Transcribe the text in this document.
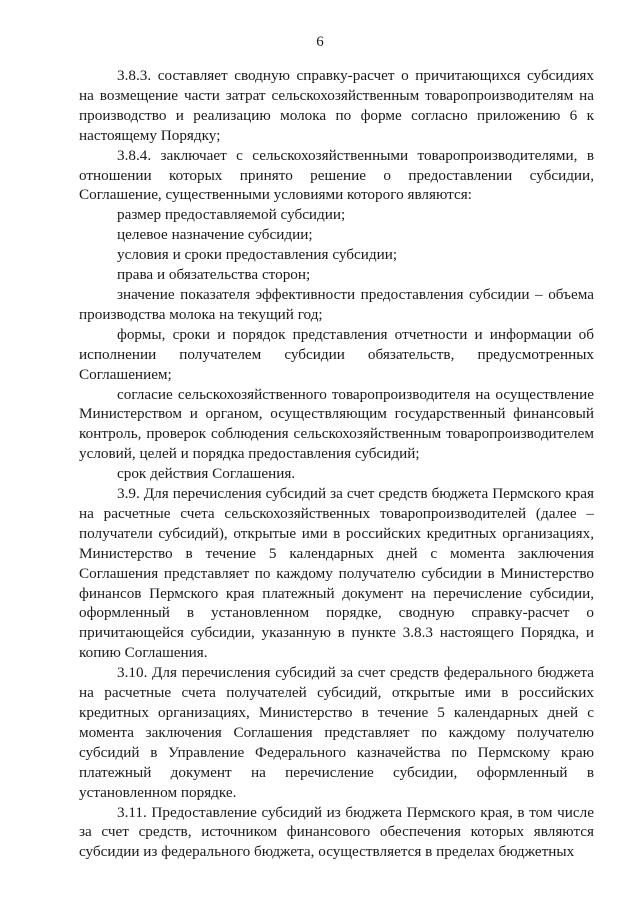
6

3.8.3. составляет сводную справку-расчет о причитающихся субсидиях на возмещение части затрат сельскохозяйственным товаропроизводителям на производство и реализацию молока по форме согласно приложению 6 к настоящему Порядку;

3.8.4. заключает с сельскохозяйственными товаропроизводителями, в отношении которых принято решение о предоставлении субсидии, Соглашение, существенными условиями которого являются:

размер предоставляемой субсидии;

целевое назначение субсидии;

условия и сроки предоставления субсидии;

права и обязательства сторон;

значение показателя эффективности предоставления субсидии – объема производства молока на текущий год;

формы, сроки и порядок представления отчетности и информации об исполнении получателем субсидии обязательств, предусмотренных Соглашением;

согласие сельскохозяйственного товаропроизводителя на осуществление Министерством и органом, осуществляющим государственный финансовый контроль, проверок соблюдения сельскохозяйственным товаропроизводителем условий, целей и порядка предоставления субсидий;

срок действия Соглашения.

3.9. Для перечисления субсидий за счет средств бюджета Пермского края на расчетные счета сельскохозяйственных товаропроизводителей (далее – получатели субсидий), открытые ими в российских кредитных организациях, Министерство в течение 5 календарных дней с момента заключения Соглашения представляет по каждому получателю субсидии в Министерство финансов Пермского края платежный документ на перечисление субсидии, оформленный в установленном порядке, сводную справку-расчет о причитающейся субсидии, указанную в пункте 3.8.3 настоящего Порядка, и копию Соглашения.

3.10. Для перечисления субсидий за счет средств федерального бюджета на расчетные счета получателей субсидий, открытые ими в российских кредитных организациях, Министерство в течение 5 календарных дней с момента заключения Соглашения представляет по каждому получателю субсидий в Управление Федерального казначейства по Пермскому краю платежный документ на перечисление субсидии, оформленный в установленном порядке.

3.11. Предоставление субсидий из бюджета Пермского края, в том числе за счет средств, источником финансового обеспечения которых являются субсидии из федерального бюджета, осуществляется в пределах бюджетных
